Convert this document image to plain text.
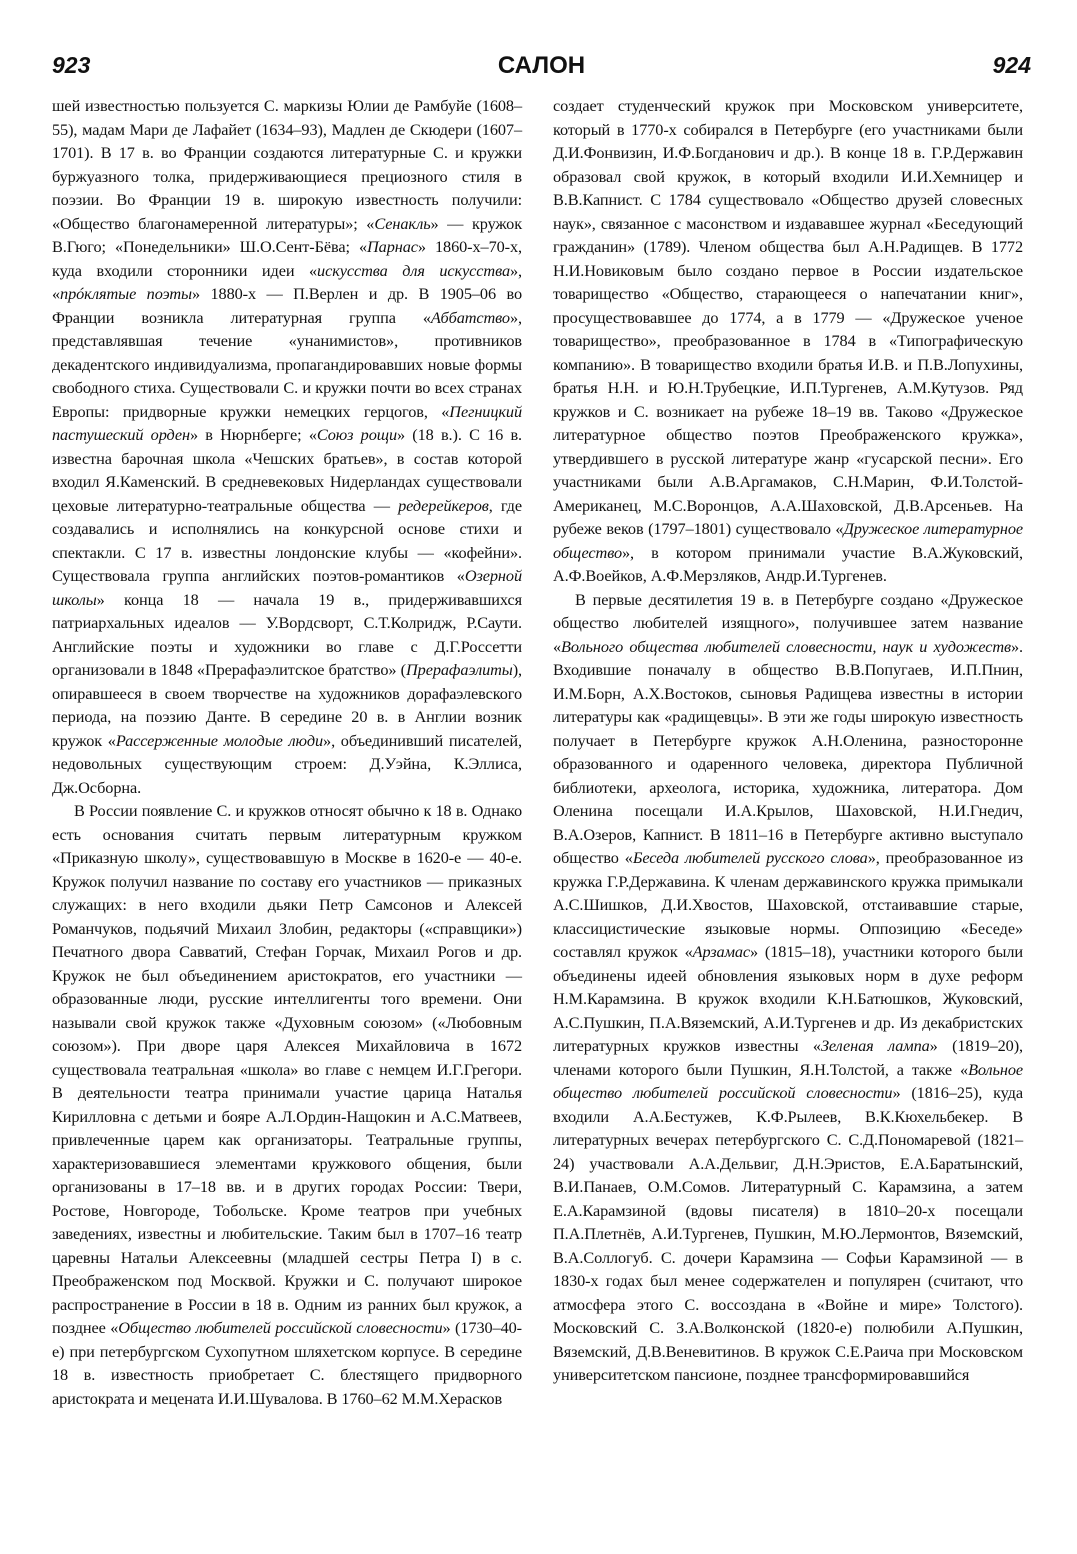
923	САЛОН	924

шей известностью пользуется С. маркизы Юлии де Рамбуйе (1608–55), мадам Мари де Лафайет (1634–93), Мадлен де Скюдери (1607–1701). В 17 в. во Франции создаются литературные С. и кружки буржуазного толка, придерживающиеся прециозного стиля в поэзии. Во Франции 19 в. широкую известность получили: «Общество благонамеренной литературы»; «Сенакль» — кружок В.Гюго; «Понедельники» Ш.О.Сент-Бёва; «Парнас» 1860-х–70-х, куда входили сторонники идеи «искусства для искусства», «прóклятые поэты» 1880-х — П.Верлен и др. В 1905–06 во Франции возникла литературная группа «Аббатство», представлявшая течение «унанимистов», противников декадентского индивидуализма, пропагандировавших новые формы свободного стиха. Существовали С. и кружки почти во всех странах Европы: придворные кружки немецких герцогов, «Пегницкий пастушеский орден» в Нюрнберге; «Союз рощи» (18 в.). С 16 в. известна барочная школа «Чешских братьев», в состав которой входил Я.Каменский. В средневековых Нидерландах существовали цеховые литературно-театральные общества — редерейкеров, где создавались и исполнялись на конкурсной основе стихи и спектакли. С 17 в. известны лондонские клубы — «кофейни». Существовала группа английских поэтов-романтиков «Озерной школы» конца 18 — начала 19 в., придерживавшихся патриархальных идеалов — У.Вордсворт, С.Т.Колридж, Р.Саути. Английские поэты и художники во главе с Д.Г.Россетти организовали в 1848 «Прерафаэлитское братство» (Прерафаэлиты), опиравшееся в своем творчестве на художников дорафаэлевского периода, на поэзию Данте. В середине 20 в. в Англии возник кружок «Рассерженные молодые люди», объединивший писателей, недовольных существующим строем: Д.Уэйна, К.Эллиса, Дж.Осборна.

В России появление С. и кружков относят обычно к 18 в. Однако есть основания считать первым литературным кружком «Приказную школу», существовавшую в Москве в 1620-е — 40-е. Кружок получил название по составу его участников — приказных служащих: в него входили дьяки Петр Самсонов и Алексей Романчуков, подьячий Михаил Злобин, редакторы («справщики») Печатного двора Савватий, Стефан Горчак, Михаил Рогов и др. Кружок не был объединением аристократов, его участники — образованные люди, русские интеллигенты того времени. Они называли свой кружок также «Духовным союзом» («Любовным союзом»). При дворе царя Алексея Михайловича в 1672 существовала театральная «школа» во главе с немцем И.Г.Грегори. В деятельности театра принимали участие царица Наталья Кирилловна с детьми и бояре А.Л.Ордин-Нащокин и А.С.Матвеев, привлеченные царем как организаторы. Театральные группы, характеризовавшиеся элементами кружкового общения, были организованы в 17–18 вв. и в других городах России: Твери, Ростове, Новгороде, Тобольске. Кроме театров при учебных заведениях, известны и любительские. Таким был в 1707–16 театр царевны Натальи Алексеевны (младшей сестры Петра I) в с. Преображенском под Москвой. Кружки и С. получают широкое распространение в России в 18 в. Одним из ранних был кружок, а позднее «Общество любителей российской словесности» (1730–40-е) при петербургском Сухопутном шляхетском корпусе. В середине 18 в. известность приобретает С. блестящего придворного аристократа и мецената И.И.Шувалова. В 1760–62 М.М.Херасков

создает студенческий кружок при Московском университете, который в 1770-х собирался в Петербурге (его участниками были Д.И.Фонвизин, И.Ф.Богданович и др.). В конце 18 в. Г.Р.Державин образовал свой кружок, в который входили И.И.Хемницер и В.В.Капнист. С 1784 существовало «Общество друзей словесных наук», связанное с масонством и издававшее журнал «Беседующий гражданин» (1789). Членом общества был А.Н.Радищев. В 1772 Н.И.Новиковым было создано первое в России издательское товарищество «Общество, старающееся о напечатании книг», просуществовавшее до 1774, а в 1779 — «Дружеское ученое товарищество», преобразованное в 1784 в «Типографическую компанию». В товарищество входили братья И.В. и П.В.Лопухины, братья Н.Н. и Ю.Н.Трубецкие, И.П.Тургенев, А.М.Кутузов. Ряд кружков и С. возникает на рубеже 18–19 вв. Таково «Дружеское литературное общество поэтов Преображенского кружка», утвердившего в русской литературе жанр «гусарской песни». Его участниками были А.В.Аргамаков, С.Н.Марин, Ф.И.Толстой-Американец, М.С.Воронцов, А.А.Шаховской, Д.В.Арсеньев. На рубеже веков (1797–1801) существовало «Дружеское литературное общество», в котором принимали участие В.А.Жуковский, А.Ф.Воейков, А.Ф.Мерзляков, Андр.И.Тургенев.

В первые десятилетия 19 в. в Петербурге создано «Дружеское общество любителей изящного», получившее затем название «Вольного общества любителей словесности, наук и художеств». Входившие поначалу в общество В.В.Попугаев, И.П.Пнин, И.М.Борн, А.Х.Востоков, сыновья Радищева известны в истории литературы как «радищевцы». В эти же годы широкую известность получает в Петербурге кружок А.Н.Оленина, разносторонне образованного и одаренного человека, директора Публичной библиотеки, археолога, историка, художника, литератора. Дом Оленина посещали И.А.Крылов, Шаховской, Н.И.Гнедич, В.А.Озеров, Капнист. В 1811–16 в Петербурге активно выступало общество «Беседа любителей русского слова», преобразованное из кружка Г.Р.Державина. К членам державинского кружка примыкали А.С.Шишков, Д.И.Хвостов, Шаховской, отстаивавшие старые, классицистические языковые нормы. Оппозицию «Беседе» составлял кружок «Арзамас» (1815–18), участники которого были объединены идеей обновления языковых норм в духе реформ Н.М.Карамзина. В кружок входили К.Н.Батюшков, Жуковский, А.С.Пушкин, П.А.Вяземский, А.И.Тургенев и др. Из декабристских литературных кружков известны «Зеленая лампа» (1819–20), членами которого были Пушкин, Я.Н.Толстой, а также «Вольное общество любителей российской словесности» (1816–25), куда входили А.А.Бестужев, К.Ф.Рылеев, В.К.Кюхельбекер. В литературных вечерах петербургского С. С.Д.Пономаревой (1821–24) участвовали А.А.Дельвиг, Д.Н.Эристов, Е.А.Баратынский, В.И.Панаев, О.М.Сомов. Литературный С. Карамзина, а затем Е.А.Карамзиной (вдовы писателя) в 1810–20-х посещали П.А.Плетнёв, А.И.Тургенев, Пушкин, М.Ю.Лермонтов, Вяземский, В.А.Соллогуб. С. дочери Карамзина — Софьи Карамзиной — в 1830-х годах был менее содержателен и популярен (считают, что атмосфера этого С. воссоздана в «Войне и мире» Толстого). Московский С. З.А.Волконской (1820-е) полюбили А.Пушкин, Вяземский, Д.В.Веневитинов. В кружок С.Е.Раича при Московском университетском пансионе, позднее трансформировавшийся
